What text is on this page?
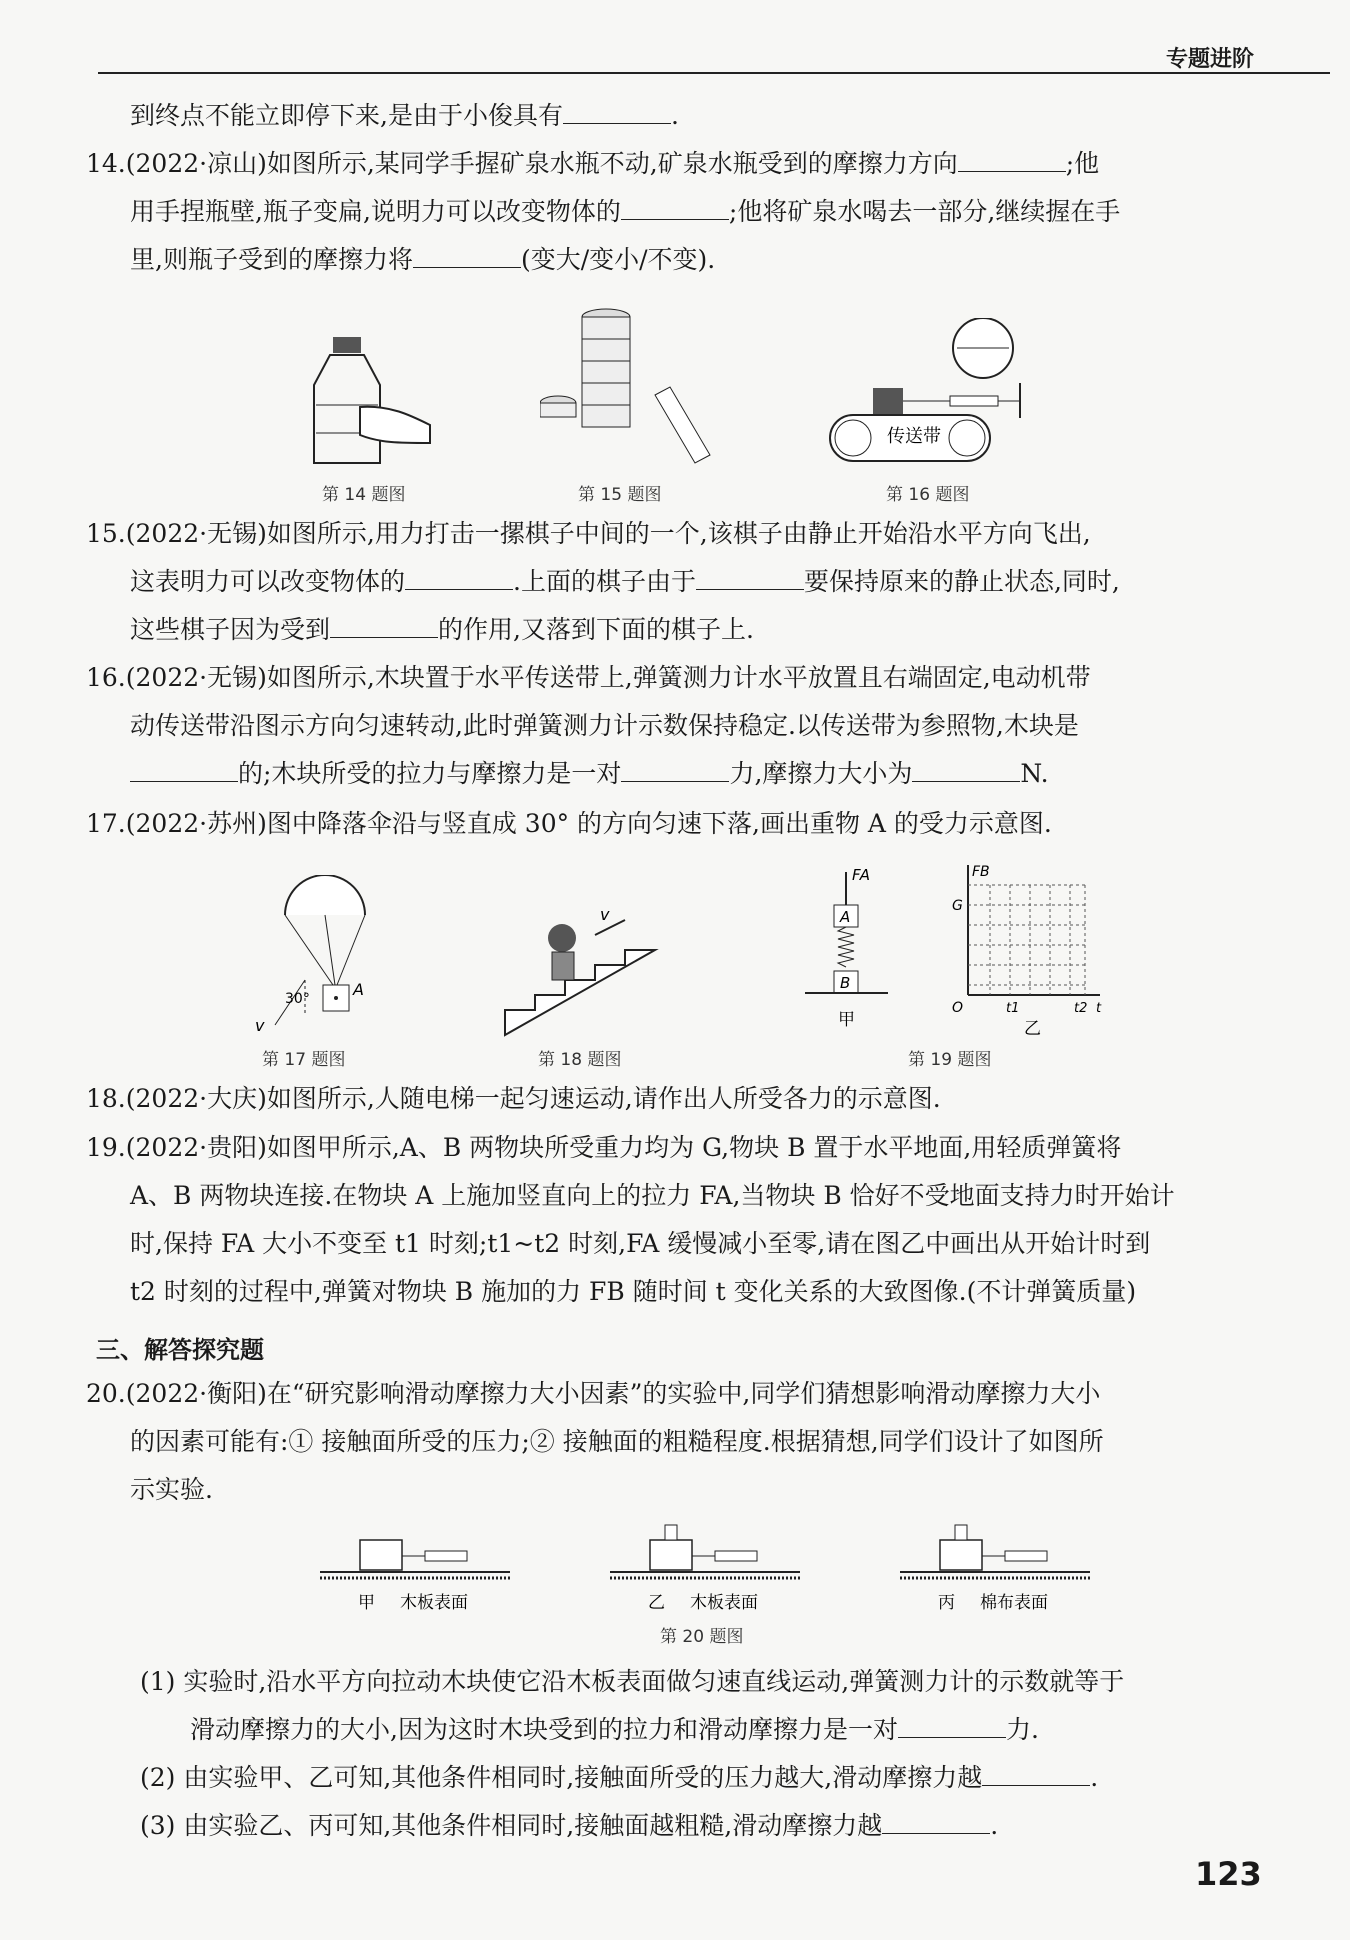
专题进阶
到终点不能立即停下来,是由于小俊具有	.
14.(2022·凉山)如图所示,某同学手握矿泉水瓶不动,矿泉水瓶受到的摩擦力方向	;他
用手捏瓶壁,瓶子变扁,说明力可以改变物体的	;他将矿泉水喝去一部分,继续握在手
里,则瓶子受到的摩擦力将	(变大/变小/不变).
传送带
第 14 题图	第 15 题图	第 16 题图
15.(2022·无锡)如图所示,用力打击一摞棋子中间的一个,该棋子由静止开始沿水平方向飞出,
这表明力可以改变物体的	.上面的棋子由于	要保持原来的静止状态,同时,
这些棋子因为受到	的作用,又落到下面的棋子上.
16.(2022·无锡)如图所示,木块置于水平传送带上,弹簧测力计水平放置且右端固定,电动机带
动传送带沿图示方向匀速转动,此时弹簧测力计示数保持稳定.以传送带为参照物,木块是
的;木块所受的拉力与摩擦力是一对	力,摩擦力大小为	N.
17.(2022·苏州)图中降落伞沿与竖直成 30° 的方向匀速下落,画出重物 A 的受力示意图.
A
30°
v
v
FA
A
B
甲
FB
G
O	t1	t2 t
乙
第 17 题图	第 18 题图	第 19 题图
18.(2022·大庆)如图所示,人随电梯一起匀速运动,请作出人所受各力的示意图.
19.(2022·贵阳)如图甲所示,A、B 两物块所受重力均为 G,物块 B 置于水平地面,用轻质弹簧将
A、B 两物块连接.在物块 A 上施加竖直向上的拉力 FA,当物块 B 恰好不受地面支持力时开始计
时,保持 FA 大小不变至 t1 时刻;t1~t2 时刻,FA 缓慢减小至零,请在图乙中画出从开始计时到
t2 时刻的过程中,弹簧对物块 B 施加的力 FB 随时间 t 变化关系的大致图像.(不计弹簧质量)
三、解答探究题
20.(2022·衡阳)在“研究影响滑动摩擦力大小因素”的实验中,同学们猜想影响滑动摩擦力大小
的因素可能有:① 接触面所受的压力;② 接触面的粗糙程度.根据猜想,同学们设计了如图所
示实验.
甲 木板表面	乙 木板表面	丙 棉布表面
第 20 题图
(1) 实验时,沿水平方向拉动木块使它沿木板表面做匀速直线运动,弹簧测力计的示数就等于
滑动摩擦力的大小,因为这时木块受到的拉力和滑动摩擦力是一对	力.
(2) 由实验甲、乙可知,其他条件相同时,接触面所受的压力越大,滑动摩擦力越	.
(3) 由实验乙、丙可知,其他条件相同时,接触面越粗糙,滑动摩擦力越	.
123
